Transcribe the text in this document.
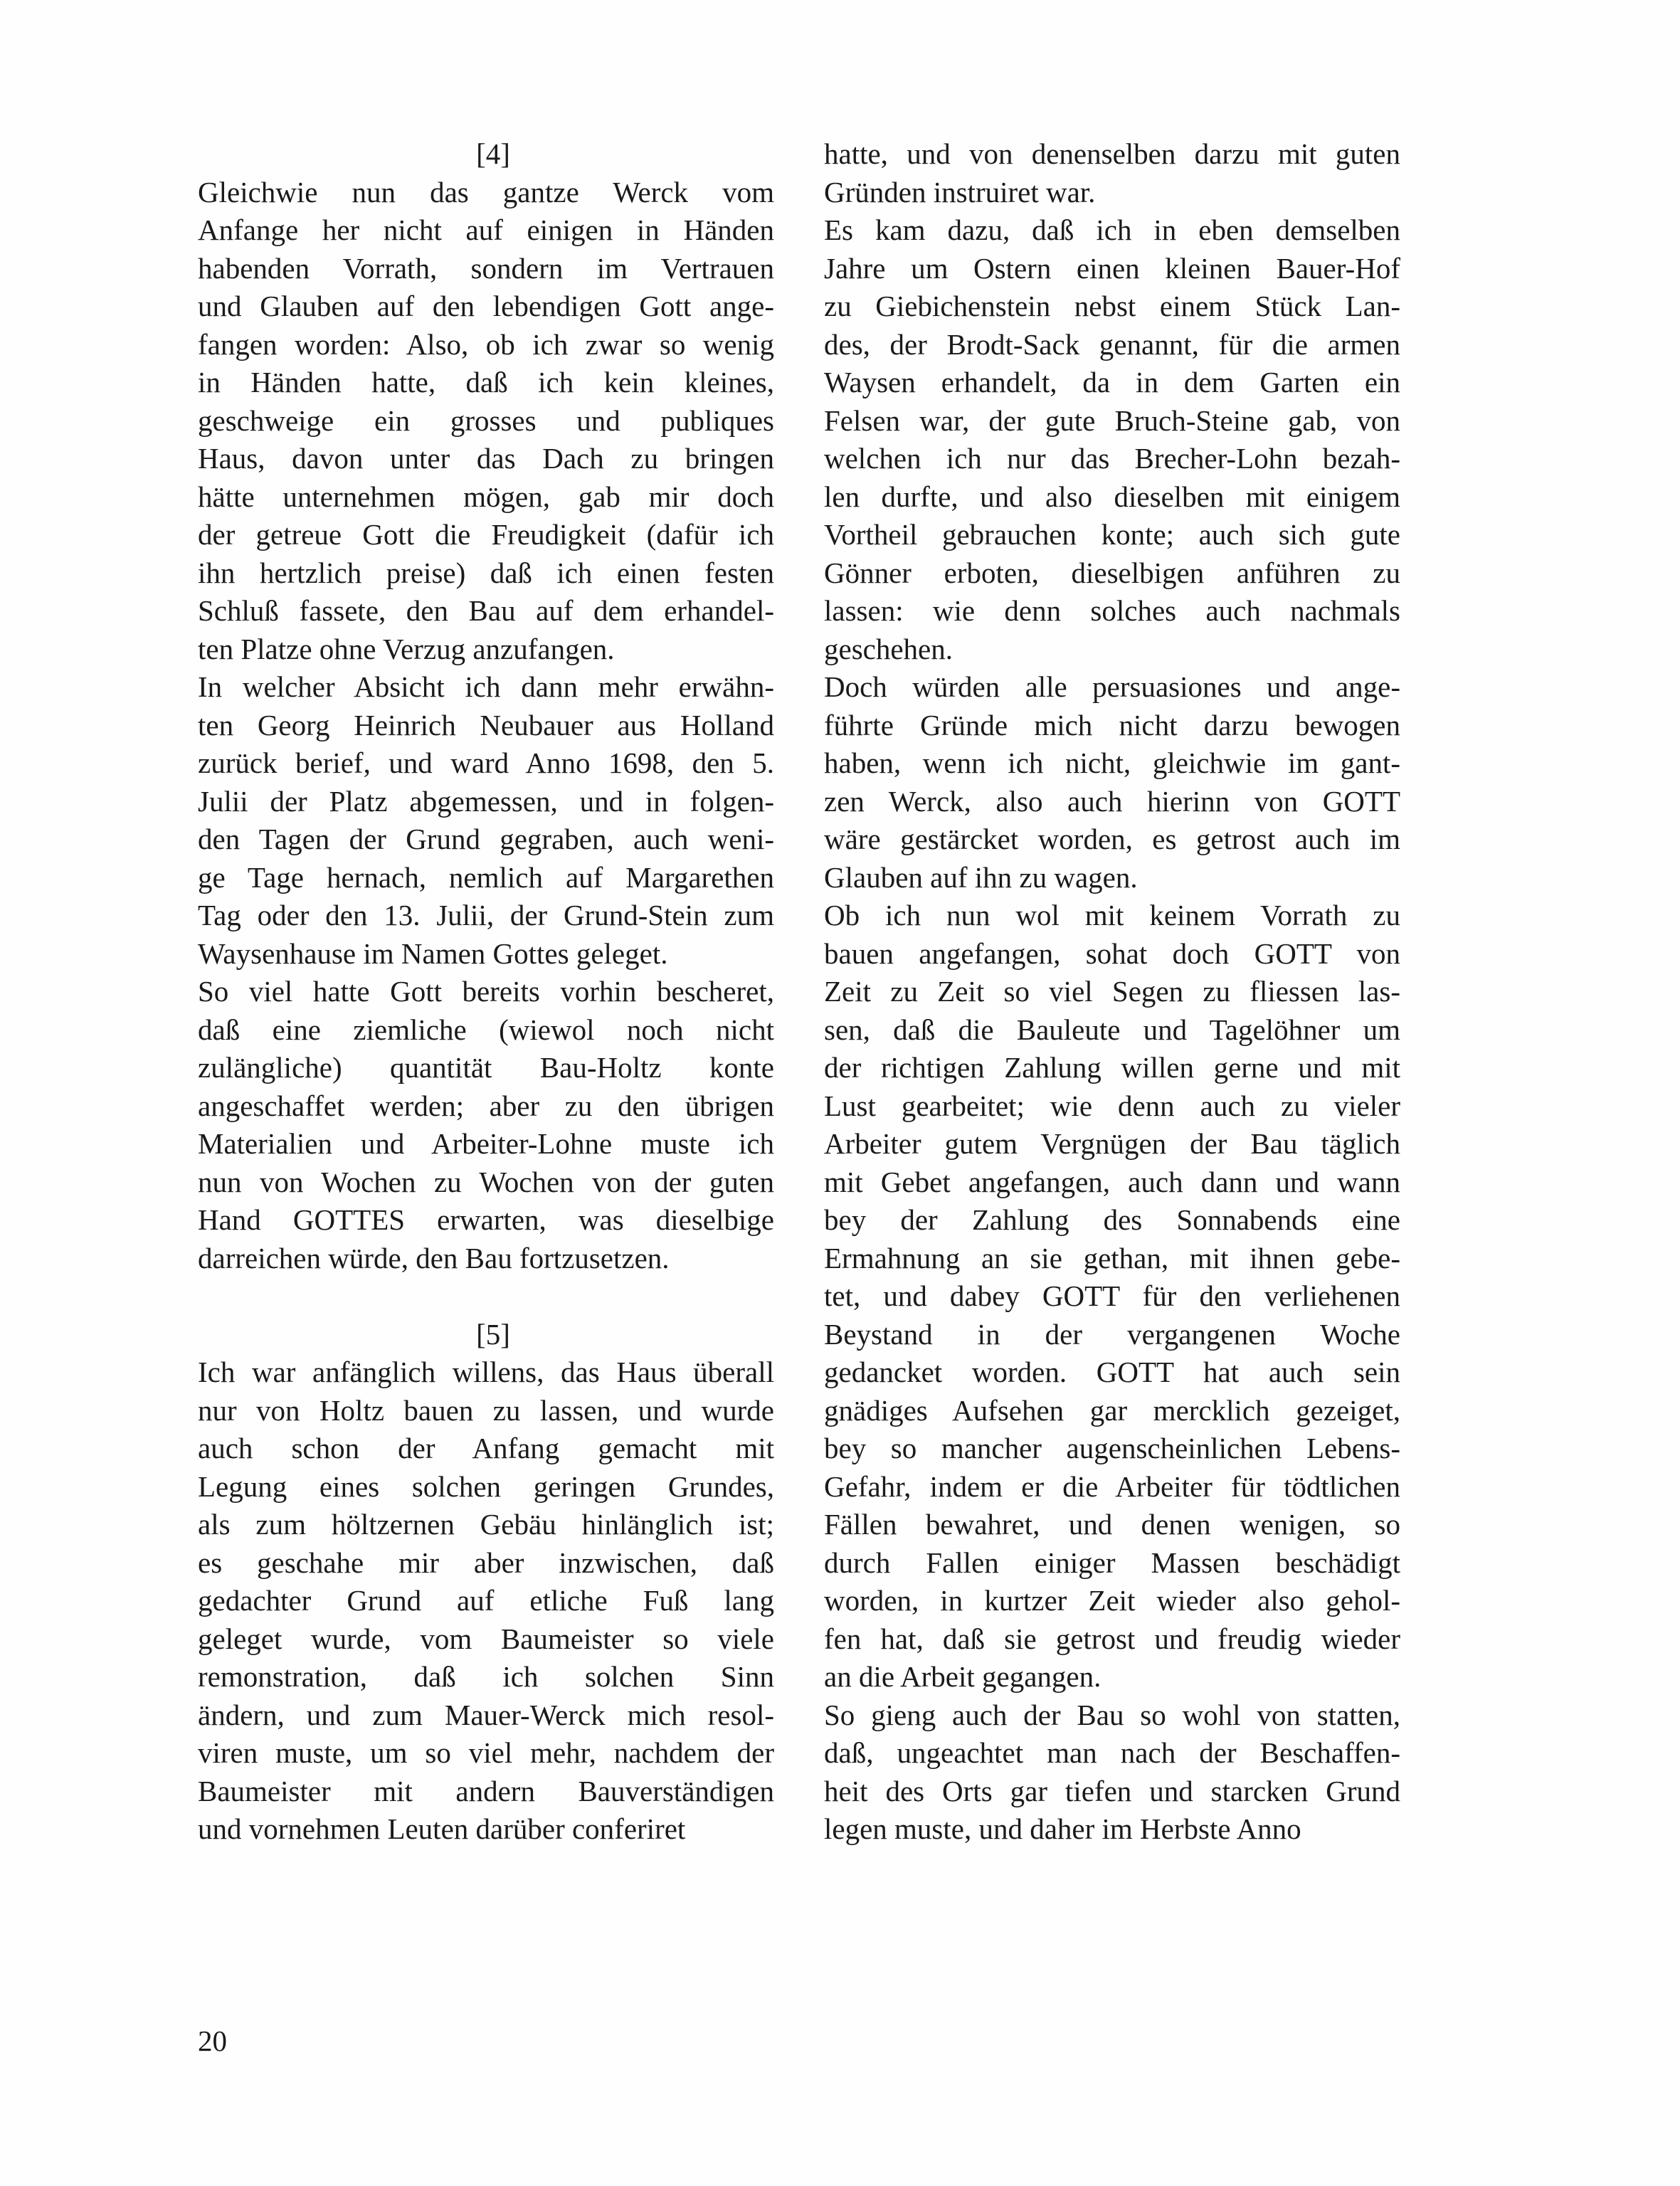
[4]
Gleichwie nun das gantze Werck vom
Anfange her nicht auf einigen in Händen
habenden Vorrath, sondern im Vertrauen
und Glauben auf den lebendigen Gott ange-
fangen worden: Also, ob ich zwar so wenig
in Händen hatte, daß ich kein kleines,
geschweige ein grosses und publiques
Haus, davon unter das Dach zu bringen
hätte unternehmen mögen, gab mir doch
der getreue Gott die Freudigkeit (dafür ich
ihn hertzlich preise) daß ich einen festen
Schluß fassete, den Bau auf dem erhandel-
ten Platze ohne Verzug anzufangen.
In welcher Absicht ich dann mehr erwähn-
ten Georg Heinrich Neubauer aus Holland
zurück berief, und ward Anno 1698, den 5.
Julii der Platz abgemessen, und in folgen-
den Tagen der Grund gegraben, auch weni-
ge Tage hernach, nemlich auf Margarethen
Tag oder den 13. Julii, der Grund-Stein zum
Waysenhause im Namen Gottes geleget.
So viel hatte Gott bereits vorhin bescheret,
daß eine ziemliche (wiewol noch nicht
zulängliche) quantität Bau-Holtz konte
angeschaffet werden; aber zu den übrigen
Materialien und Arbeiter-Lohne muste ich
nun von Wochen zu Wochen von der guten
Hand GOTTES erwarten, was dieselbige
darreichen würde, den Bau fortzusetzen.
[5]
Ich war anfänglich willens, das Haus überall
nur von Holtz bauen zu lassen, und wurde
auch schon der Anfang gemacht mit
Legung eines solchen geringen Grundes,
als zum höltzernen Gebäu hinlänglich ist;
es geschahe mir aber inzwischen, daß
gedachter Grund auf etliche Fuß lang
geleget wurde, vom Baumeister so viele
remonstration, daß ich solchen Sinn
ändern, und zum Mauer-Werck mich resol-
viren muste, um so viel mehr, nachdem der
Baumeister mit andern Bauverständigen
und vornehmen Leuten darüber conferiret
hatte, und von denenselben darzu mit guten
Gründen instruiret war.
Es kam dazu, daß ich in eben demselben
Jahre um Ostern einen kleinen Bauer-Hof
zu Giebichenstein nebst einem Stück Lan-
des, der Brodt-Sack genannt, für die armen
Waysen erhandelt, da in dem Garten ein
Felsen war, der gute Bruch-Steine gab, von
welchen ich nur das Brecher-Lohn bezah-
len durfte, und also dieselben mit einigem
Vortheil gebrauchen konte; auch sich gute
Gönner erboten, dieselbigen anführen zu
lassen: wie denn solches auch nachmals
geschehen.
Doch würden alle persuasiones und ange-
führte Gründe mich nicht darzu bewogen
haben, wenn ich nicht, gleichwie im gant-
zen Werck, also auch hierinn von GOTT
wäre gestärcket worden, es getrost auch im
Glauben auf ihn zu wagen.
Ob ich nun wol mit keinem Vorrath zu
bauen angefangen, sohat doch GOTT von
Zeit zu Zeit so viel Segen zu fliessen las-
sen, daß die Bauleute und Tagelöhner um
der richtigen Zahlung willen gerne und mit
Lust gearbeitet; wie denn auch zu vieler
Arbeiter gutem Vergnügen der Bau täglich
mit Gebet angefangen, auch dann und wann
bey der Zahlung des Sonnabends eine
Ermahnung an sie gethan, mit ihnen gebe-
tet, und dabey GOTT für den verliehenen
Beystand in der vergangenen Woche
gedancket worden. GOTT hat auch sein
gnädiges Aufsehen gar mercklich gezeiget,
bey so mancher augenscheinlichen Lebens-
Gefahr, indem er die Arbeiter für tödtlichen
Fällen bewahret, und denen wenigen, so
durch Fallen einiger Massen beschädigt
worden, in kurtzer Zeit wieder also gehol-
fen hat, daß sie getrost und freudig wieder
an die Arbeit gegangen.
So gieng auch der Bau so wohl von statten,
daß, ungeachtet man nach der Beschaffen-
heit des Orts gar tiefen und starcken Grund
legen muste, und daher im Herbste Anno
20
